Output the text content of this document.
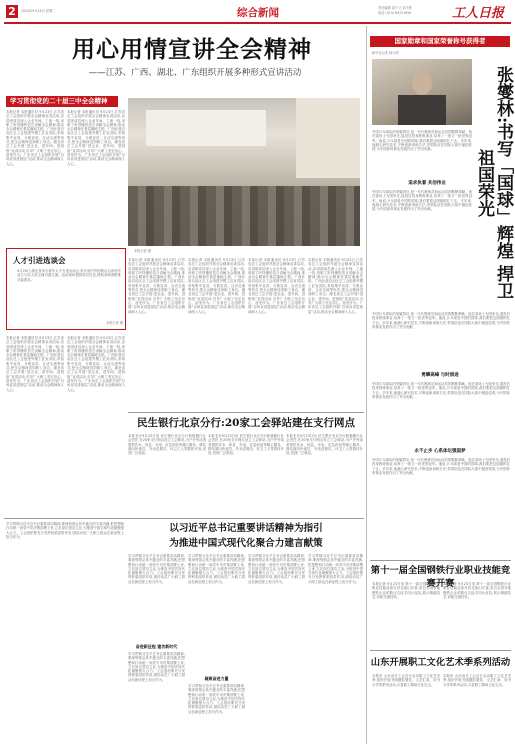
2	2024年9月24日 星期二	综合新闻	责任编辑 周子义 刘子彬
电话 (010) 84151694	工人日报
用心用情宣讲全会精神
——江苏、广西、湖北、广东组织开展多种形式宣讲活动
学习贯彻党的二十届三中全会精神
本报记者 本报通讯员 9月23日,江苏省总工会组织开展全会精神宣讲活动,宣讲团成员深入企业车间、工地一线,用职工听得懂的语言讲解全会精神,推动全会精神在基层落地生根。广西壮族自治区总工会组建劳模工匠宣讲队,采取集中宣讲、分散宣讲、互动交流等形式,把全会精神送到职工身边。湖北省总工会开展“进企业、进车间、进班组”宣讲活动,引导广大职工坚定信心、奋发作为。广东省总工会组织开展“百场宣讲进基层”活动,推动全会精神深入人心。
本报记者 本报通讯员 9月23日,江苏省总工会组织开展全会精神宣讲活动,宣讲团成员深入企业车间、工地一线,用职工听得懂的语言讲解全会精神,推动全会精神在基层落地生根。广西壮族自治区总工会组建劳模工匠宣讲队,采取集中宣讲、分散宣讲、互动交流等形式,把全会精神送到职工身边。湖北省总工会开展“进企业、进车间、进班组”宣讲活动,引导广大职工坚定信心、奋发作为。广东省总工会组织开展“百场宣讲进基层”活动,推动全会精神深入人心。
人才引进选谈会
9月20日,湖北省举办青年人才引进洽谈会,来自省内外的数百名高校毕业生与用人单位面对面交流。活动现场提供岗位信息,帮助求职者精准对接需求。
本报记者 摄
本报记者 本报通讯员 9月23日,江苏省总工会组织开展全会精神宣讲活动,宣讲团成员深入企业车间、工地一线,用职工听得懂的语言讲解全会精神,推动全会精神在基层落地生根。广西壮族自治区总工会组建劳模工匠宣讲队,采取集中宣讲、分散宣讲、互动交流等形式,把全会精神送到职工身边。湖北省总工会开展“进企业、进车间、进班组”宣讲活动,引导广大职工坚定信心、奋发作为。广东省总工会组织开展“百场宣讲进基层”活动,推动全会精神深入人心。
本报记者 本报通讯员 9月23日,江苏省总工会组织开展全会精神宣讲活动,宣讲团成员深入企业车间、工地一线,用职工听得懂的语言讲解全会精神,推动全会精神在基层落地生根。广西壮族自治区总工会组建劳模工匠宣讲队,采取集中宣讲、分散宣讲、互动交流等形式,把全会精神送到职工身边。湖北省总工会开展“进企业、进车间、进班组”宣讲活动,引导广大职工坚定信心、奋发作为。广东省总工会组织开展“百场宣讲进基层”活动,推动全会精神深入人心。
本报记者 摄
本报记者 本报通讯员 9月23日,江苏省总工会组织开展全会精神宣讲活动,宣讲团成员深入企业车间、工地一线,用职工听得懂的语言讲解全会精神,推动全会精神在基层落地生根。广西壮族自治区总工会组建劳模工匠宣讲队,采取集中宣讲、分散宣讲、互动交流等形式,把全会精神送到职工身边。湖北省总工会开展“进企业、进车间、进班组”宣讲活动,引导广大职工坚定信心、奋发作为。广东省总工会组织开展“百场宣讲进基层”活动,推动全会精神深入人心。
本报记者 本报通讯员 9月23日,江苏省总工会组织开展全会精神宣讲活动,宣讲团成员深入企业车间、工地一线,用职工听得懂的语言讲解全会精神,推动全会精神在基层落地生根。广西壮族自治区总工会组建劳模工匠宣讲队,采取集中宣讲、分散宣讲、互动交流等形式,把全会精神送到职工身边。湖北省总工会开展“进企业、进车间、进班组”宣讲活动,引导广大职工坚定信心、奋发作为。广东省总工会组织开展“百场宣讲进基层”活动,推动全会精神深入人心。
本报记者 本报通讯员 9月23日,江苏省总工会组织开展全会精神宣讲活动,宣讲团成员深入企业车间、工地一线,用职工听得懂的语言讲解全会精神,推动全会精神在基层落地生根。广西壮族自治区总工会组建劳模工匠宣讲队,采取集中宣讲、分散宣讲、互动交流等形式,把全会精神送到职工身边。湖北省总工会开展“进企业、进车间、进班组”宣讲活动,引导广大职工坚定信心、奋发作为。广东省总工会组织开展“百场宣讲进基层”活动,推动全会精神深入人心。
本报记者 本报通讯员 9月23日,江苏省总工会组织开展全会精神宣讲活动,宣讲团成员深入企业车间、工地一线,用职工听得懂的语言讲解全会精神,推动全会精神在基层落地生根。广西壮族自治区总工会组建劳模工匠宣讲队,采取集中宣讲、分散宣讲、互动交流等形式,把全会精神送到职工身边。湖北省总工会开展“进企业、进车间、进班组”宣讲活动,引导广大职工坚定信心、奋发作为。广东省总工会组织开展“百场宣讲进基层”活动,推动全会精神深入人心。
国家勋章和国家荣誉称号获得者
新华社记者 林小明
张燮林:书写「国球」辉煌 捍卫祖国荣光
中国乒乓球队的荣耀背后,是一代代教练员和运动员的默默奉献。他在赛场上为国争光,退役后投身教练事业,培养了一批又一批世界冠军。他说,乒乓球是中国的国球,我们要把这面旗帜扛下去。多年来,他潜心研究技术,不断创新训练方法,带领队伍在国际大赛中屡创佳绩,为中国体育事业发展作出了突出贡献。
追求执着 共创伟业
中国乒乓球队的荣耀背后,是一代代教练员和运动员的默默奉献。他在赛场上为国争光,退役后投身教练事业,培养了一批又一批世界冠军。他说,乒乓球是中国的国球,我们要把这面旗帜扛下去。多年来,他潜心研究技术,不断创新训练方法,带领队伍在国际大赛中屡创佳绩,为中国体育事业发展作出了突出贡献。
中国乒乓球队的荣耀背后,是一代代教练员和运动员的默默奉献。他在赛场上为国争光,退役后投身教练事业,培养了一批又一批世界冠军。他说,乒乓球是中国的国球,我们要把这面旗帜扛下去。多年来,他潜心研究技术,不断创新训练方法,带领队伍在国际大赛中屡创佳绩,为中国体育事业发展作出了突出贡献。
勇攀高峰 与时俱进
中国乒乓球队的荣耀背后,是一代代教练员和运动员的默默奉献。他在赛场上为国争光,退役后投身教练事业,培养了一批又一批世界冠军。他说,乒乓球是中国的国球,我们要把这面旗帜扛下去。多年来,他潜心研究技术,不断创新训练方法,带领队伍在国际大赛中屡创佳绩,为中国体育事业发展作出了突出贡献。
永不止步 心系体坛强国梦
中国乒乓球队的荣耀背后,是一代代教练员和运动员的默默奉献。他在赛场上为国争光,退役后投身教练事业,培养了一批又一批世界冠军。他说,乒乓球是中国的国球,我们要把这面旗帜扛下去。多年来,他潜心研究技术,不断创新训练方法,带领队伍在国际大赛中屡创佳绩,为中国体育事业发展作出了突出贡献。
民生银行北京分行:20家工会驿站建在支行网点
本报北京9月23日电 民生银行北京分行积极履行社会责任,在20家支行网点设立工会驿站,为户外劳动者提供饮水、休息、充电、应急药品等暖心服务。驿站面向快递员、外卖送餐员、环卫工人等群体开放,受到广泛欢迎。
本报北京9月23日电 民生银行北京分行积极履行社会责任,在20家支行网点设立工会驿站,为户外劳动者提供饮水、休息、充电、应急药品等暖心服务。驿站面向快递员、外卖送餐员、环卫工人等群体开放,受到广泛欢迎。
本报北京9月23日电 民生银行北京分行积极履行社会责任,在20家支行网点设立工会驿站,为户外劳动者提供饮水、休息、充电、应急药品等暖心服务。驿站面向快递员、外卖送餐员、环卫工人等群体开放,受到广泛欢迎。
学习贯彻习近平总书记重要讲话精神,要深刻领会其中蕴含的丰富内涵,把思想和行动统一到党中央决策部署上来,立足岗位建功立业,为推进中国式现代化凝聚强大合力。工会组织要充分发挥桥梁纽带作用,团结动员广大职工群众在新征程上担当作为。
以习近平总书记重要讲话精神为指引
为推进中国式现代化聚合力建言献策
学习贯彻习近平总书记重要讲话精神,要深刻领会其中蕴含的丰富内涵,把思想和行动统一到党中央决策部署上来,立足岗位建功立业,为推进中国式现代化凝聚强大合力。工会组织要充分发挥桥梁纽带作用,团结动员广大职工群众在新征程上担当作为。
奋进新征程 建功新时代
学习贯彻习近平总书记重要讲话精神,要深刻领会其中蕴含的丰富内涵,把思想和行动统一到党中央决策部署上来,立足岗位建功立业,为推进中国式现代化凝聚强大合力。工会组织要充分发挥桥梁纽带作用,团结动员广大职工群众在新征程上担当作为。
学习贯彻习近平总书记重要讲话精神,要深刻领会其中蕴含的丰富内涵,把思想和行动统一到党中央决策部署上来,立足岗位建功立业,为推进中国式现代化凝聚强大合力。工会组织要充分发挥桥梁纽带作用,团结动员广大职工群众在新征程上担当作为。
凝聚奋进力量
学习贯彻习近平总书记重要讲话精神,要深刻领会其中蕴含的丰富内涵,把思想和行动统一到党中央决策部署上来,立足岗位建功立业,为推进中国式现代化凝聚强大合力。工会组织要充分发挥桥梁纽带作用,团结动员广大职工群众在新征程上担当作为。
学习贯彻习近平总书记重要讲话精神,要深刻领会其中蕴含的丰富内涵,把思想和行动统一到党中央决策部署上来,立足岗位建功立业,为推进中国式现代化凝聚强大合力。工会组织要充分发挥桥梁纽带作用,团结动员广大职工群众在新征程上担当作为。
学习贯彻习近平总书记重要讲话精神,要深刻领会其中蕴含的丰富内涵,把思想和行动统一到党中央决策部署上来,立足岗位建功立业,为推进中国式现代化凝聚强大合力。工会组织要充分发挥桥梁纽带作用,团结动员广大职工群众在新征程上担当作为。
第十一届全国钢铁行业职业技能竞赛开赛
本报记者 9月23日电 第十一届全国钢铁行业职业技能竞赛在河北唐山开赛,来自全国各地钢铁企业的数百名选手同台竞技,展示精湛技艺,切磋交流经验。
本报记者 9月23日电 第十一届全国钢铁行业职业技能竞赛在河北唐山开赛,来自全国各地钢铁企业的数百名选手同台竞技,展示精湛技艺,切磋交流经验。
山东开展职工文化艺术季系列活动
本报讯 山东省总工会近日启动职工文化艺术季,组织开展书画摄影展览、文艺汇演、读书分享等系列活动,丰富职工精神文化生活。
本报讯 山东省总工会近日启动职工文化艺术季,组织开展书画摄影展览、文艺汇演、读书分享等系列活动,丰富职工精神文化生活。
